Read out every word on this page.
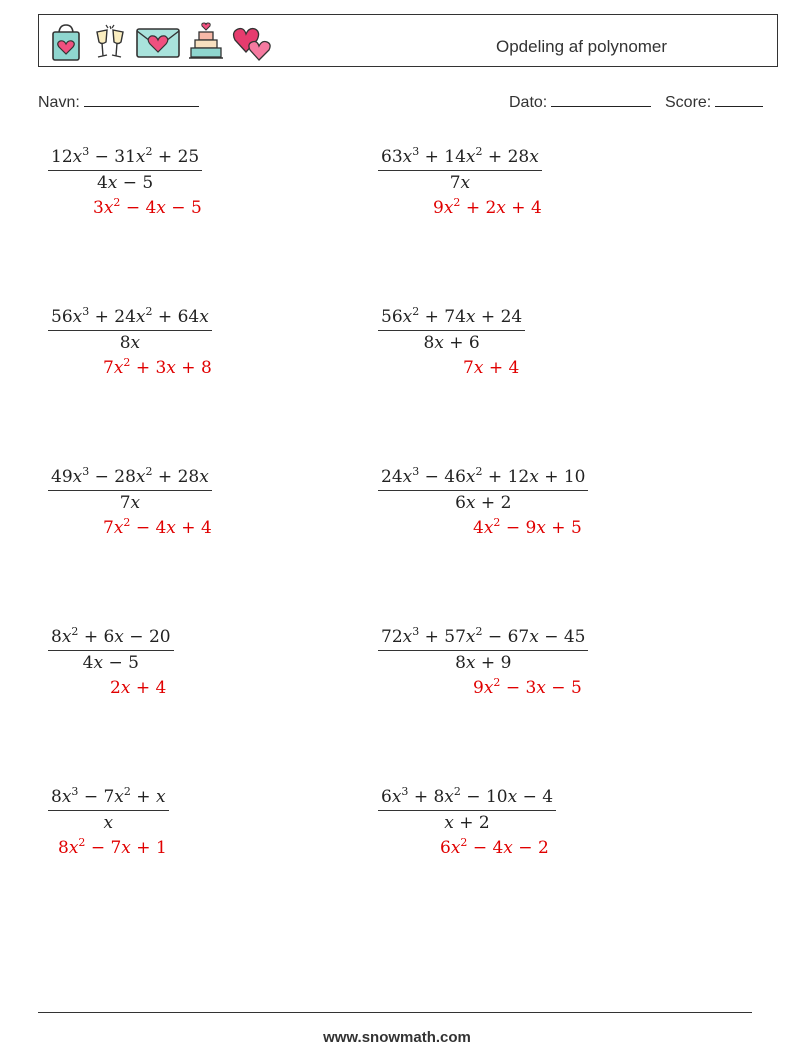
Opdeling af polynomer
Navn:	Dato:	Score:
$\frac{12x^3 - 31x^2 + 25}{4x - 5}$
$3x^2 - 4x - 5$
$\frac{63x^3 + 14x^2 + 28x}{7x}$
$9x^2 + 2x + 4$
$\frac{56x^3 + 24x^2 + 64x}{8x}$
$7x^2 + 3x + 8$
$\frac{56x^2 + 74x + 24}{8x + 6}$
7x + 4
$\frac{49x^3 - 28x^2 + 28x}{7x}$
$7x^2 - 4x + 4$
$\frac{24x^3 - 46x^2 + 12x + 10}{6x + 2}$
$4x^2 - 9x + 5$
$\frac{8x^2 + 6x - 20}{4x - 5}$
2x + 4
$\frac{72x^3 + 57x^2 - 67x - 45}{8x + 9}$
$9x^2 - 3x - 5$
$\frac{8x^3 - 7x^2 + x}{x}$
$8x^2 - 7x + 1$
$\frac{6x^3 + 8x^2 - 10x - 4}{x + 2}$
$6x^2 - 4x - 2$
www.snowmath.com
